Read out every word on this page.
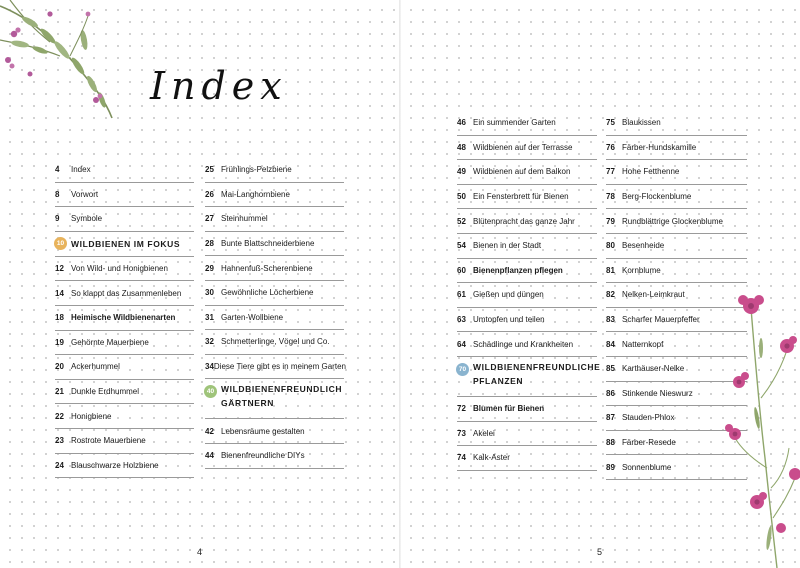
Index
4	Index
8	Vorwort
9	Symbole
10 WILDBIENEN IM FOKUS
12 Von Wild- und Honigbienen
14 So klappt das Zusammenleben
18 Heimische Wildbienenarten
19 Gehörnte Mauerbiene
20 Ackerhummel
21 Dunkle Erdhummel
22 Honigbiene
23 Rostrote Mauerbiene
24 Blauschwarze Holzbiene
25 Frühlings-Pelzbiene
26 Mai-Langhornbiene
27 Steinhummel
28 Bunte Blattschneiderbiene
29 Hahnenfuß-Scherenbiene
30 Gewöhnliche Löcherbiene
31 Garten-Wollbiene
32 Schmetterlinge, Vögel und Co.
34 Diese Tiere gibt es in meinem Garten
40 WILDBIENENFREUNDLICH GÄRTNERN
42 Lebensräume gestalten
44 Bienenfreundliche DIYs
4
46 Ein summender Garten
48 Wildbienen auf der Terrasse
49 Wildbienen auf dem Balkon
50 Ein Fensterbrett für Bienen
52 Blütenpracht das ganze Jahr
54 Bienen in der Stadt
60 Bienenpflanzen pflegen
61 Gießen und düngen
63 Umtopfen und teilen
64 Schädlinge und Krankheiten
70 WILDBIENENFREUNDLICHE PFLANZEN
72 Blumen für Bienen
73 Akelei
74 Kalk-Aster
75 Blaukissen
76 Färber-Hundskamille
77 Hohe Fetthenne
78 Berg-Flockenblume
79 Rundblättrige Glockenblume
80 Besenheide
81 Kornblume
82 Nelken-Leimkraut
83 Scharfer Mauerpfeffer
84 Natternkopf
85 Karthäuser-Nelke
86 Stinkende Nieswurz
87 Stauden-Phlox
88 Färber-Resede
89 Sonnenblume
5
